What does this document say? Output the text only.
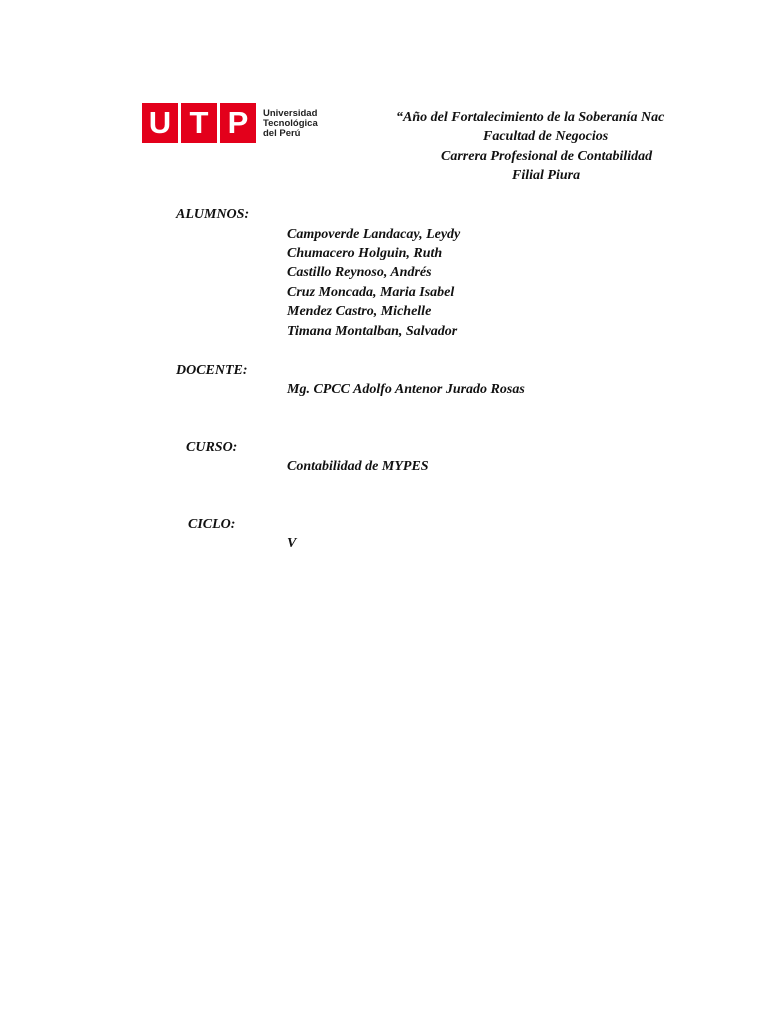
U T P	Universidad
Tecnológica
del Perú
“Año del Fortalecimiento de la Soberanía Nac
Facultad de Negocios
Carrera Profesional de Contabilidad
Filial Piura
ALUMNOS:
Campoverde Landacay, Leydy
Chumacero Holguin, Ruth
Castillo Reynoso, Andrés
Cruz Moncada, Maria Isabel
Mendez Castro, Michelle
Timana Montalban, Salvador
DOCENTE:
Mg. CPCC Adolfo Antenor Jurado Rosas
CURSO:
Contabilidad de MYPES
CICLO:
V
